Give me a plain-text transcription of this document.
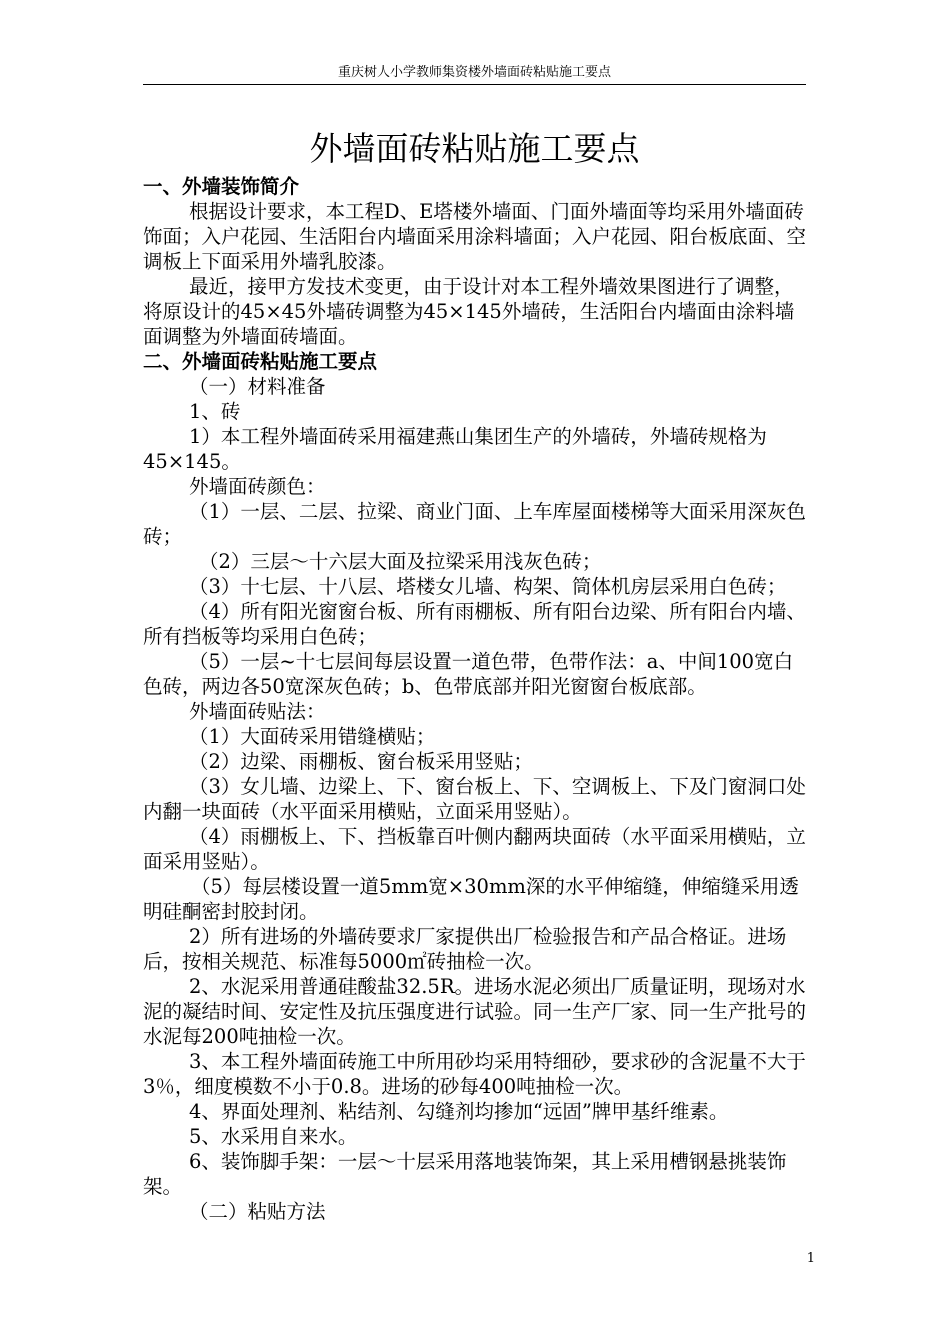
重庆树人小学教师集资楼外墙面砖粘贴施工要点
外墙面砖粘贴施工要点

一、外墙装饰简介

根据设计要求，本工程D、E塔楼外墙面、门面外墙面等均采用外墙面砖饰面；入户花园、生活阳台内墙面采用涂料墙面；入户花园、阳台板底面、空调板上下面采用外墙乳胶漆。

最近，接甲方发技术变更，由于设计对本工程外墙效果图进行了调整，将原设计的45×45外墙砖调整为45×145外墙砖，生活阳台内墙面由涂料墙面调整为外墙面砖墙面。

二、外墙面砖粘贴施工要点

（一）材料准备

1、砖

1）本工程外墙面砖采用福建燕山集团生产的外墙砖，外墙砖规格为45×145。

外墙面砖颜色：

（1）一层、二层、拉梁、商业门面、上车库屋面楼梯等大面采用深灰色砖；

（2）三层～十六层大面及拉梁采用浅灰色砖；

（3）十七层、十八层、塔楼女儿墙、构架、筒体机房层采用白色砖；

（4）所有阳光窗窗台板、所有雨棚板、所有阳台边梁、所有阳台内墙、所有挡板等均采用白色砖；

（5）一层~十七层间每层设置一道色带，色带作法：a、中间100宽白色砖，两边各50宽深灰色砖；b、色带底部并阳光窗窗台板底部。

外墙面砖贴法：

（1）大面砖采用错缝横贴；

（2）边梁、雨棚板、窗台板采用竖贴；

（3）女儿墙、边梁上、下、窗台板上、下、空调板上、下及门窗洞口处内翻一块面砖（水平面采用横贴，立面采用竖贴）。

（4）雨棚板上、下、挡板靠百叶侧内翻两块面砖（水平面采用横贴，立面采用竖贴）。

（5）每层楼设置一道5mm宽×30mm深的水平伸缩缝，伸缩缝采用透明硅酮密封胶封闭。

2）所有进场的外墙砖要求厂家提供出厂检验报告和产品合格证。进场后，按相关规范、标准每5000㎡砖抽检一次。

2、水泥采用普通硅酸盐32.5R。进场水泥必须出厂质量证明，现场对水泥的凝结时间、安定性及抗压强度进行试验。同一生产厂家、同一生产批号的水泥每200吨抽检一次。

3、本工程外墙面砖施工中所用砂均采用特细砂，要求砂的含泥量不大于3％，细度模数不小于0.8。进场的砂每400吨抽检一次。

4、界面处理剂、粘结剂、勾缝剂均掺加“远固”牌甲基纤维素。

5、水采用自来水。

6、装饰脚手架：一层～十层采用落地装饰架，其上采用槽钢悬挑装饰架。

（二）粘贴方法

1
